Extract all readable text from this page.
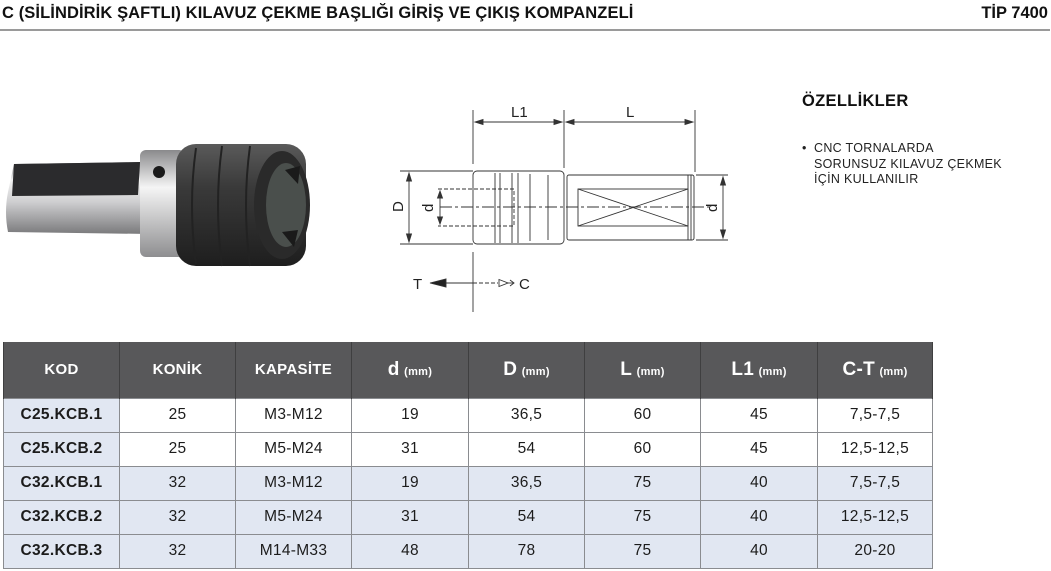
C (SİLİNDİRİK ŞAFTLI) KILAVUZ ÇEKME BAŞLIĞI GİRİŞ VE ÇIKIŞ KOMPANZELİ	TİP 7400
L1	L
D d	d
T	C
ÖZELLİKLER
• CNC TORNALARDA
SORUNSUZ KILAVUZ ÇEKMEK
İÇİN KULLANILIR
KOD	KONİK	KAPASİTE	d (mm)	D (mm)	L (mm)	L1 (mm)	C-T (mm)
C25.KCB.1	25	M3-M12	19	36,5	60	45	7,5-7,5
C25.KCB.2	25	M5-M24	31	54	60	45	12,5-12,5
C32.KCB.1	32	M3-M12	19	36,5	75	40	7,5-7,5
C32.KCB.2	32	M5-M24	31	54	75	40	12,5-12,5
C32.KCB.3	32	M14-M33	48	78	75	40	20-20
